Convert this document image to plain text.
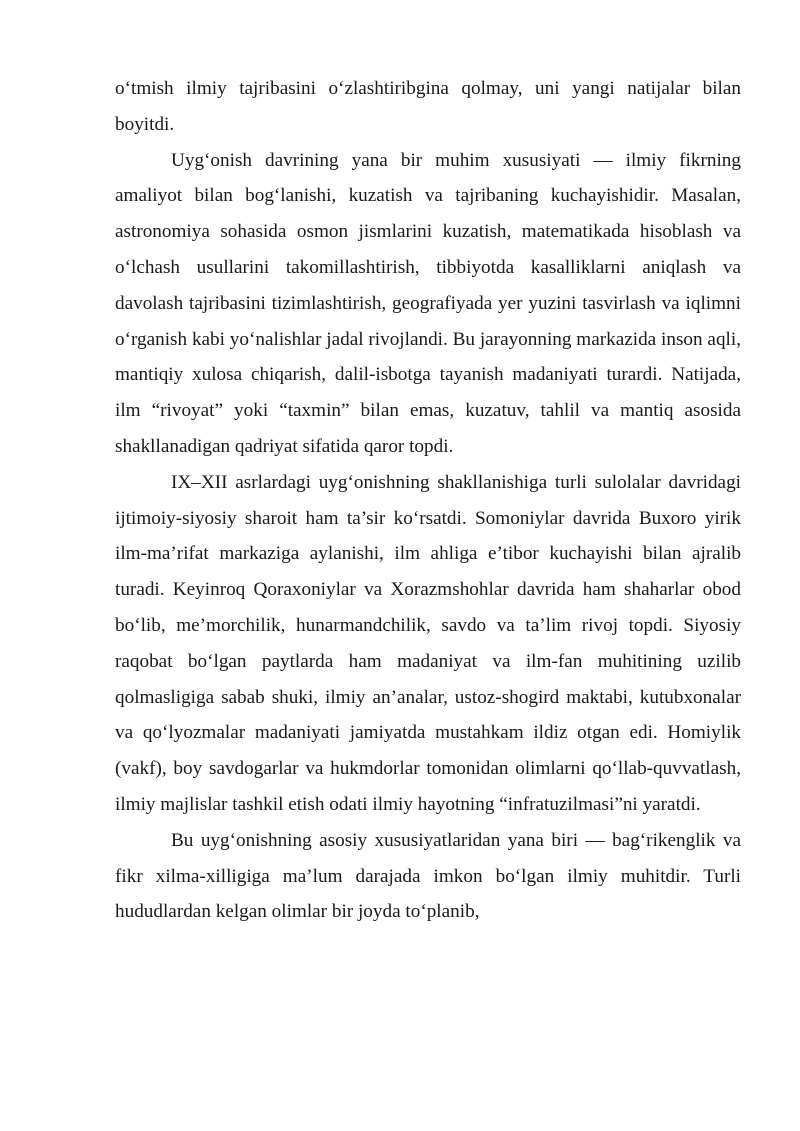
o‘tmish ilmiy tajribasini o‘zlashtiribgina qolmay, uni yangi natijalar bilan boyitdi.

Uyg‘onish davrining yana bir muhim xususiyati — ilmiy fikrning amaliyot bilan bog‘lanishi, kuzatish va tajribaning kuchayishidir. Masalan, astronomiya sohasida osmon jismlarini kuzatish, matematikada hisoblash va o‘lchash usullarini takomillashtirish, tibbiyotda kasalliklarni aniqlash va davolash tajribasini tizimlashtirish, geografiyada yer yuzini tasvirlash va iqlimni o‘rganish kabi yo‘nalishlar jadal rivojlandi. Bu jarayonning markazida inson aqli, mantiqiy xulosa chiqarish, dalil-isbotga tayanish madaniyati turardi. Natijada, ilm “rivoyat” yoki “taxmin” bilan emas, kuzatuv, tahlil va mantiq asosida shakllanadigan qadriyat sifatida qaror topdi.

IX–XII asrlardagi uyg‘onishning shakllanishiga turli sulolalar davridagi ijtimoiy-siyosiy sharoit ham ta’sir ko‘rsatdi. Somoniylar davrida Buxoro yirik ilm-ma’rifat markaziga aylanishi, ilm ahliga e’tibor kuchayishi bilan ajralib turadi. Keyinroq Qoraxoniylar va Xorazmshohlar davrida ham shaharlar obod bo‘lib, me’morchilik, hunarmandchilik, savdo va ta’lim rivoj topdi. Siyosiy raqobat bo‘lgan paytlarda ham madaniyat va ilm-fan muhitining uzilib qolmasligiga sabab shuki, ilmiy an’analar, ustoz-shogird maktabi, kutubxonalar va qo‘lyozmalar madaniyati jamiyatda mustahkam ildiz otgan edi. Homiylik (vakf), boy savdogarlar va hukmdorlar tomonidan olimlarni qo‘llab-quvvatlash, ilmiy majlislar tashkil etish odati ilmiy hayotning “infratuzilmasi”ni yaratdi.

Bu uyg‘onishning asosiy xususiyatlaridan yana biri — bag‘rikenglik va fikr xilma-xilligiga ma’lum darajada imkon bo‘lgan ilmiy muhitdir. Turli hududlardan kelgan olimlar bir joyda to‘planib,
